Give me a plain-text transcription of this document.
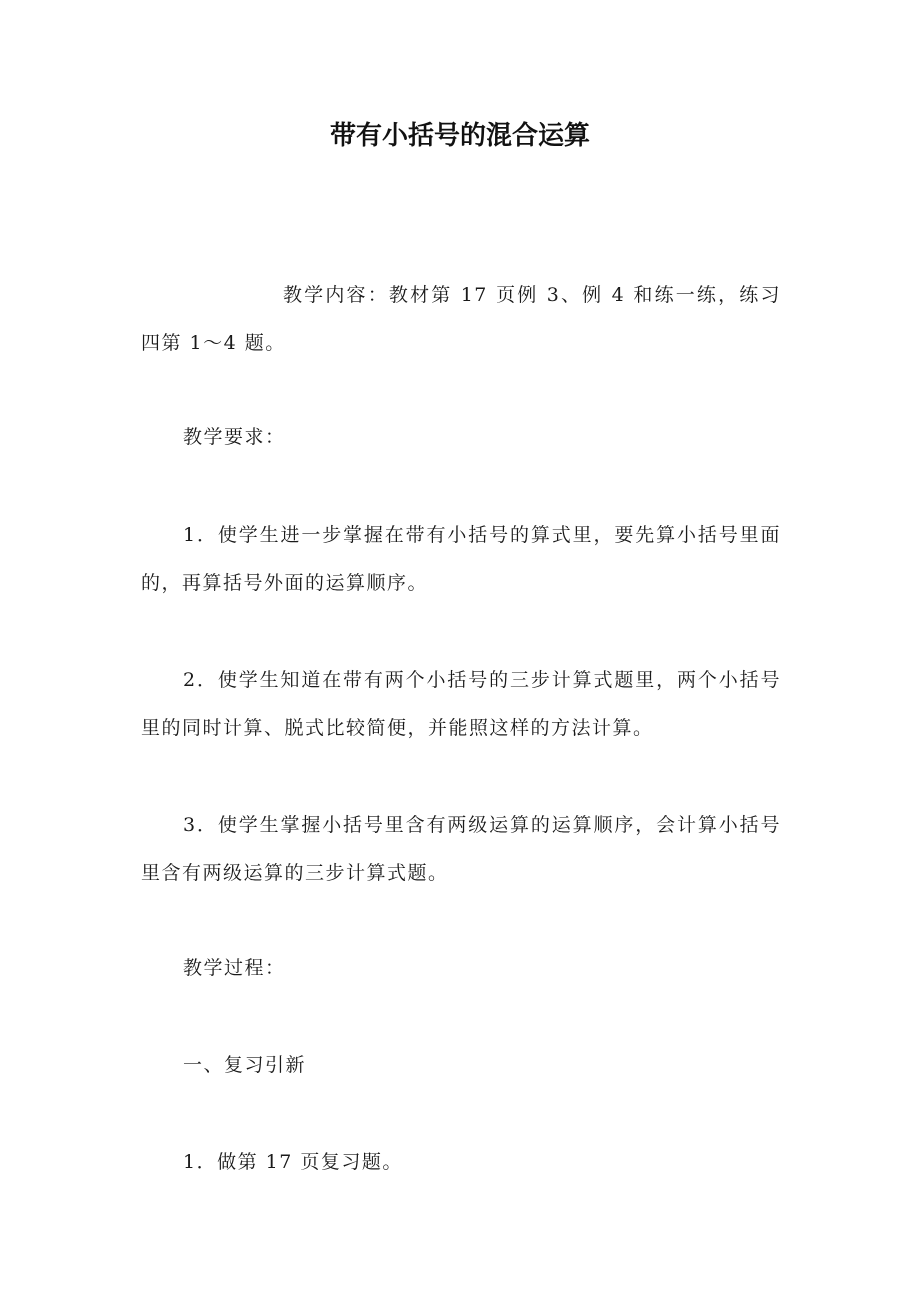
带有小括号的混合运算
教学内容：教材第 17 页例 3、例 4 和练一练，练习四第 1～4 题。
教学要求：
1．使学生进一步掌握在带有小括号的算式里，要先算小括号里面的，再算括号外面的运算顺序。
2．使学生知道在带有两个小括号的三步计算式题里，两个小括号里的同时计算、脱式比较简便，并能照这样的方法计算。
3．使学生掌握小括号里含有两级运算的运算顺序，会计算小括号里含有两级运算的三步计算式题。
教学过程：
一、复习引新
1．做第 17 页复习题。
